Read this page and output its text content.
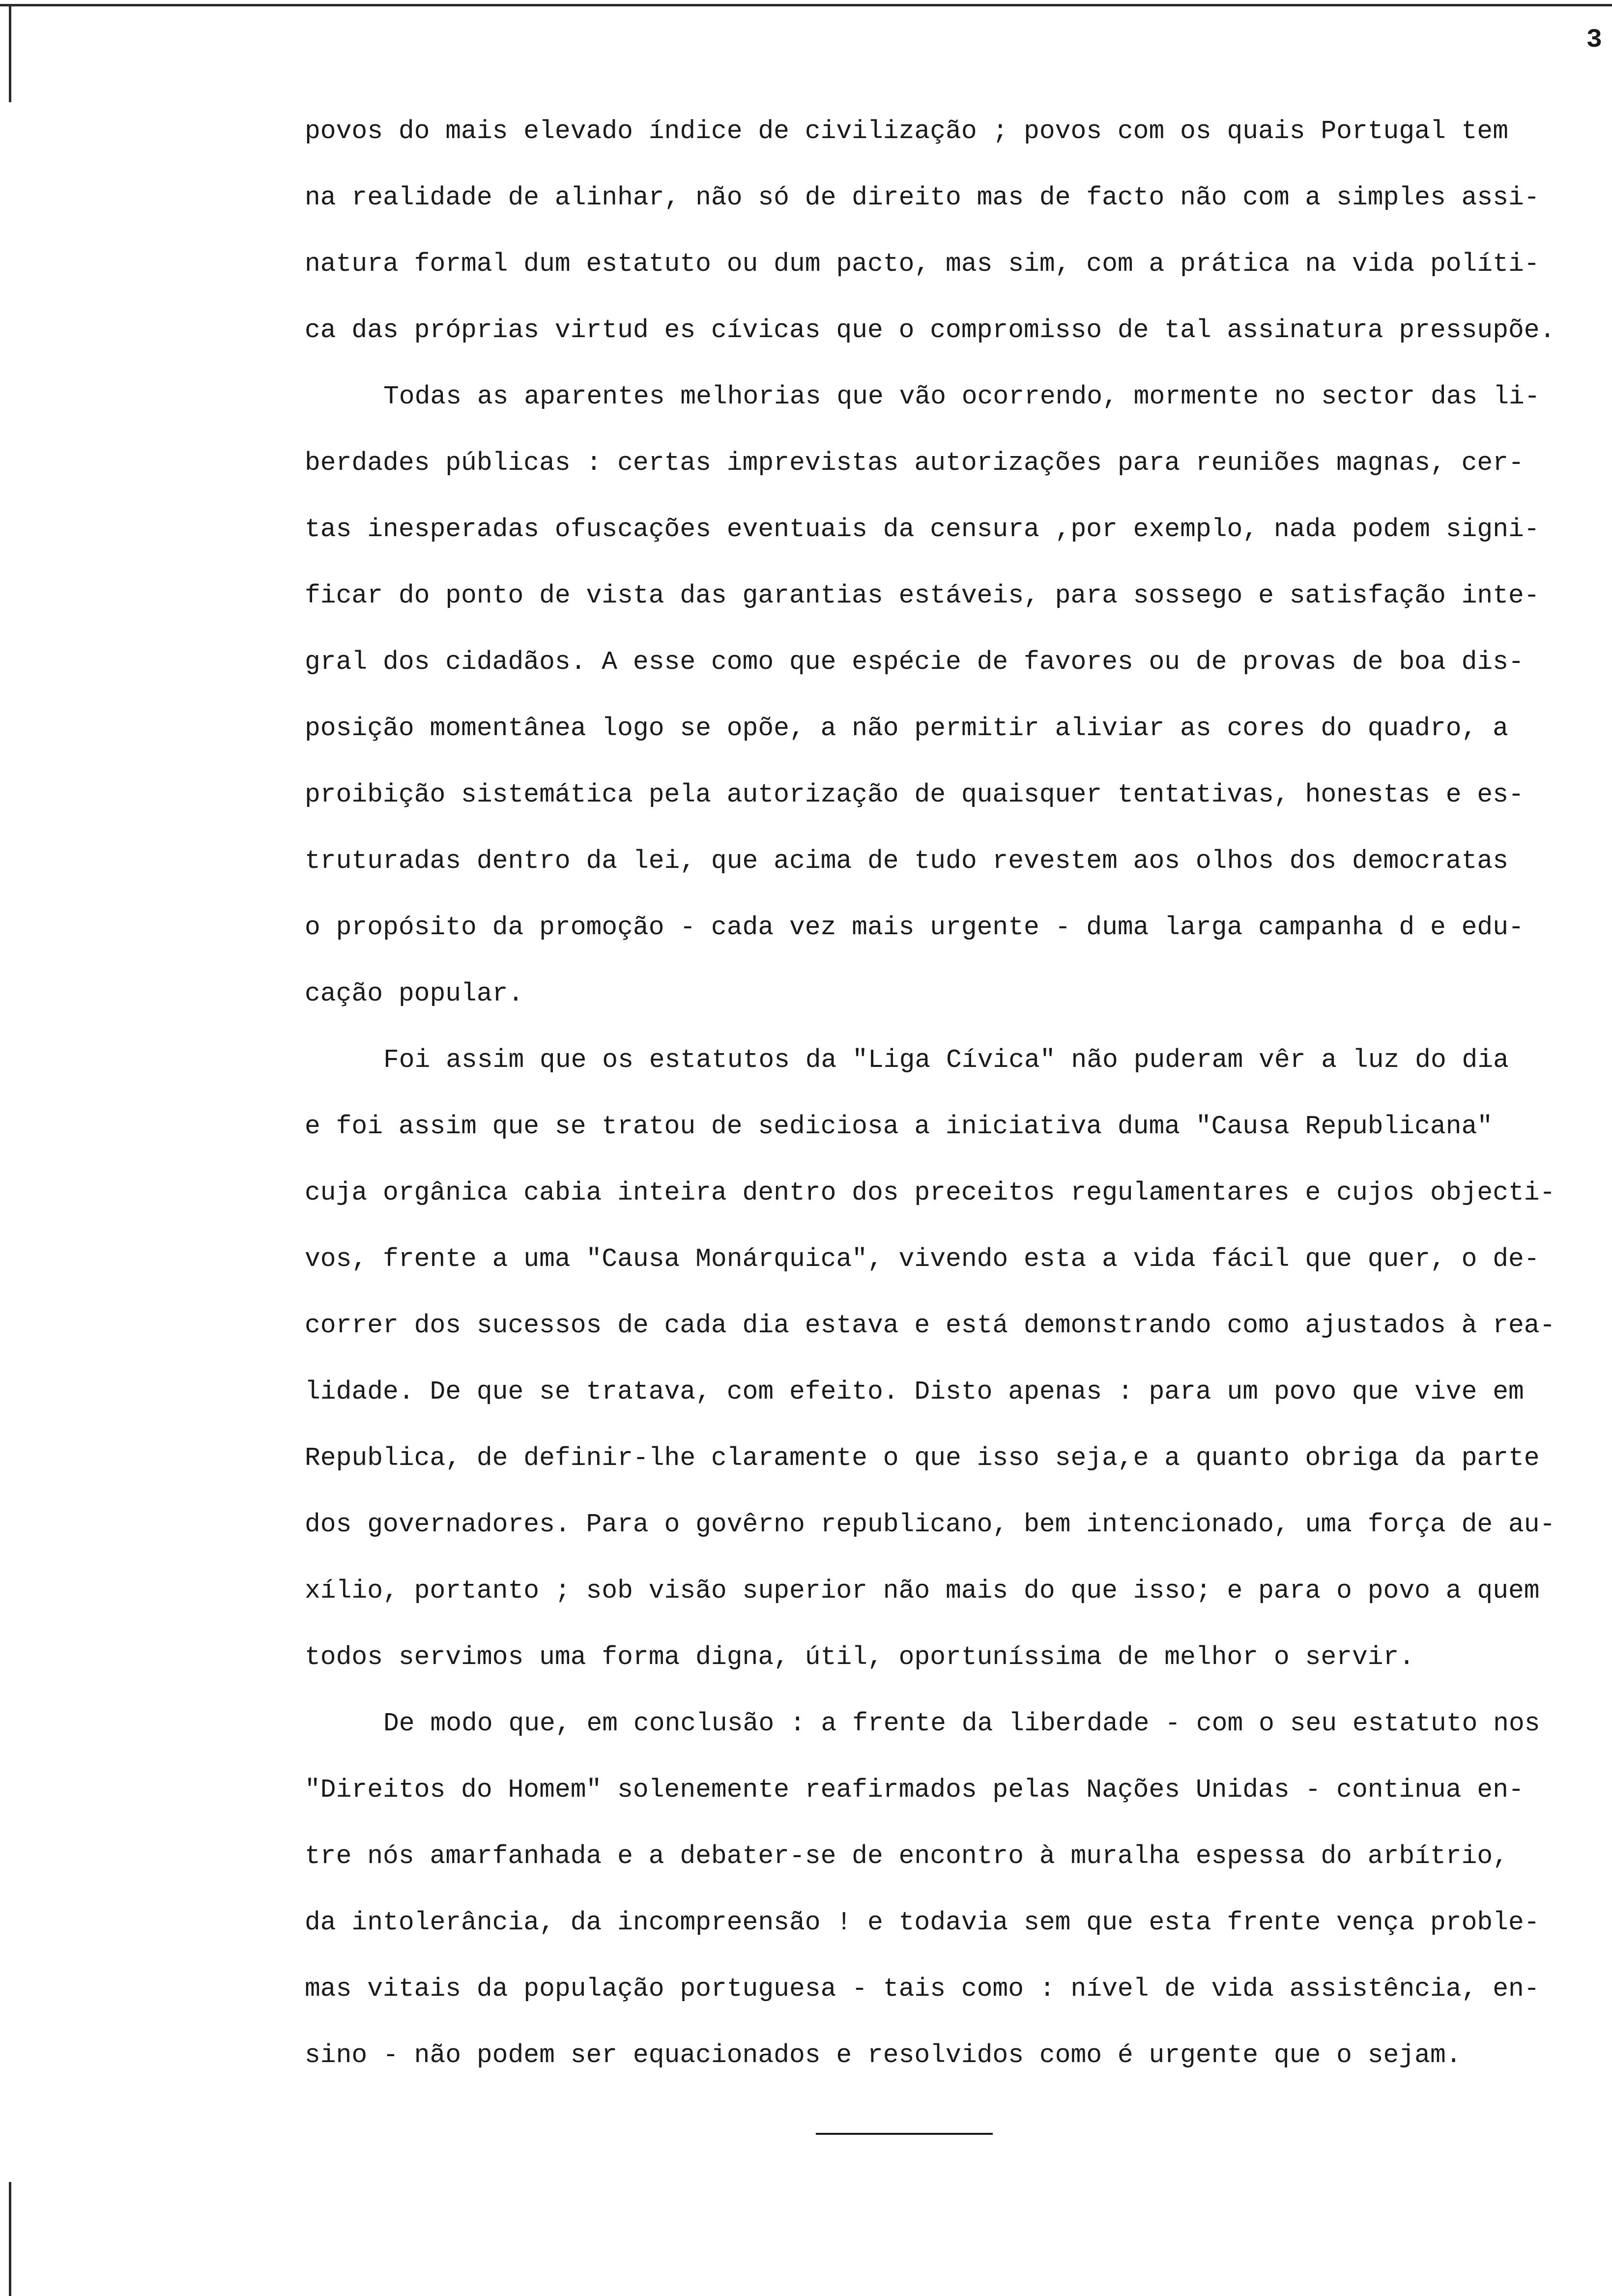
3

povos do mais elevado índice de civilização ; povos com os quais Portugal tem
na realidade de alinhar, não só de direito mas de facto não com a simples assi-
natura formal dum estatuto ou dum pacto, mas sim, com a prática na vida políti-
ca das próprias virtud es cívicas que o compromisso de tal assinatura pressupõe.

Todas as aparentes melhorias que vão ocorrendo, mormente no sector das li-
berdades públicas : certas imprevistas autorizações para reuniões magnas, cer-
tas inesperadas ofuscações eventuais da censura ,por exemplo, nada podem signi-
ficar do ponto de vista das garantias estáveis, para sossego e satisfação inte-
gral dos cidadãos. A esse como que espécie de favores ou de provas de boa dis-
posição momentânea logo se opõe, a não permitir aliviar as cores do quadro, a
proibição sistemática pela autorização de quaisquer tentativas, honestas e es-
truturadas dentro da lei, que acima de tudo revestem aos olhos dos democratas
o propósito da promoção - cada vez mais urgente - duma larga campanha d e edu-
cação popular.

Foi assim que os estatutos da "Liga Cívica" não puderam vêr a luz do dia
e foi assim que se tratou de sediciosa a iniciativa duma "Causa Republicana"
cuja orgânica cabia inteira dentro dos preceitos regulamentares e cujos objecti-
vos, frente a uma "Causa Monárquica", vivendo esta a vida fácil que quer, o de-
correr dos sucessos de cada dia estava e está demonstrando como ajustados à rea-
lidade. De que se tratava, com efeito. Disto apenas : para um povo que vive em
Republica, de definir-lhe claramente o que isso seja,e a quanto obriga da parte
dos governadores. Para o govêrno republicano, bem intencionado, uma força de au-
xílio, portanto ; sob visão superior não mais do que isso; e para o povo a quem
todos servimos uma forma digna, útil, oportuníssima de melhor o servir.

De modo que, em conclusão : a frente da liberdade - com o seu estatuto nos
"Direitos do Homem" solenemente reafirmados pelas Nações Unidas - continua en-
tre nós amarfanhada e a debater-se de encontro à muralha espessa do arbítrio,
da intolerância, da incompreensão ! e todavia sem que esta frente vença proble-
mas vitais da população portuguesa - tais como : nível de vida assistência, en-
sino - não podem ser equacionados e resolvidos como é urgente que o sejam.
